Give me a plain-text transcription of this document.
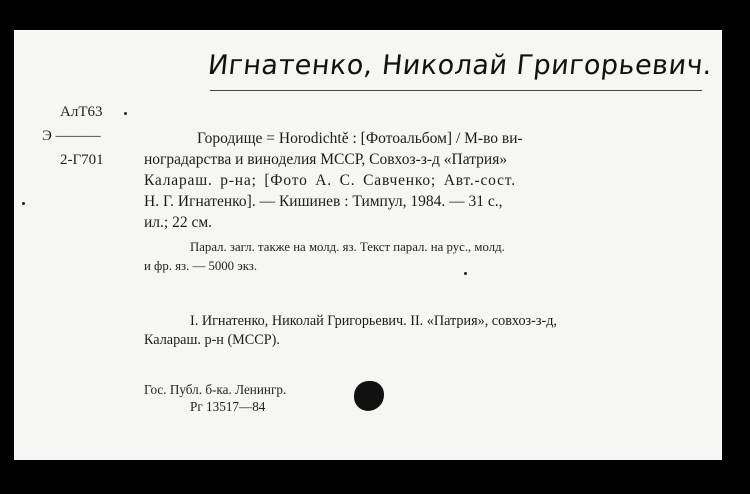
Игнатенко, Николай Григорьевич.
АлТ63
Э ———
2-Г701
Городище = Horodichtě : [Фотоальбом] / М-во ви-
ноградарства и виноделия МССР, Совхоз-з-д «Патрия»
Калараш. р-на; [Фото А. С. Савченко; Авт.-сост.
Н. Г. Игнатенко]. — Кишинев : Тимпул, 1984. — 31 с.,
ил.; 22 см.
Парал. загл. также на молд. яз. Текст парал. на рус., молд.
и фр. яз. — 5000 экз.
I. Игнатенко, Николай Григорьевич. II. «Патрия», совхоз-з-д,
Калараш. р-н (МССР).
Гос. Публ. б-ка. Ленингр.
Рг 13517—84
